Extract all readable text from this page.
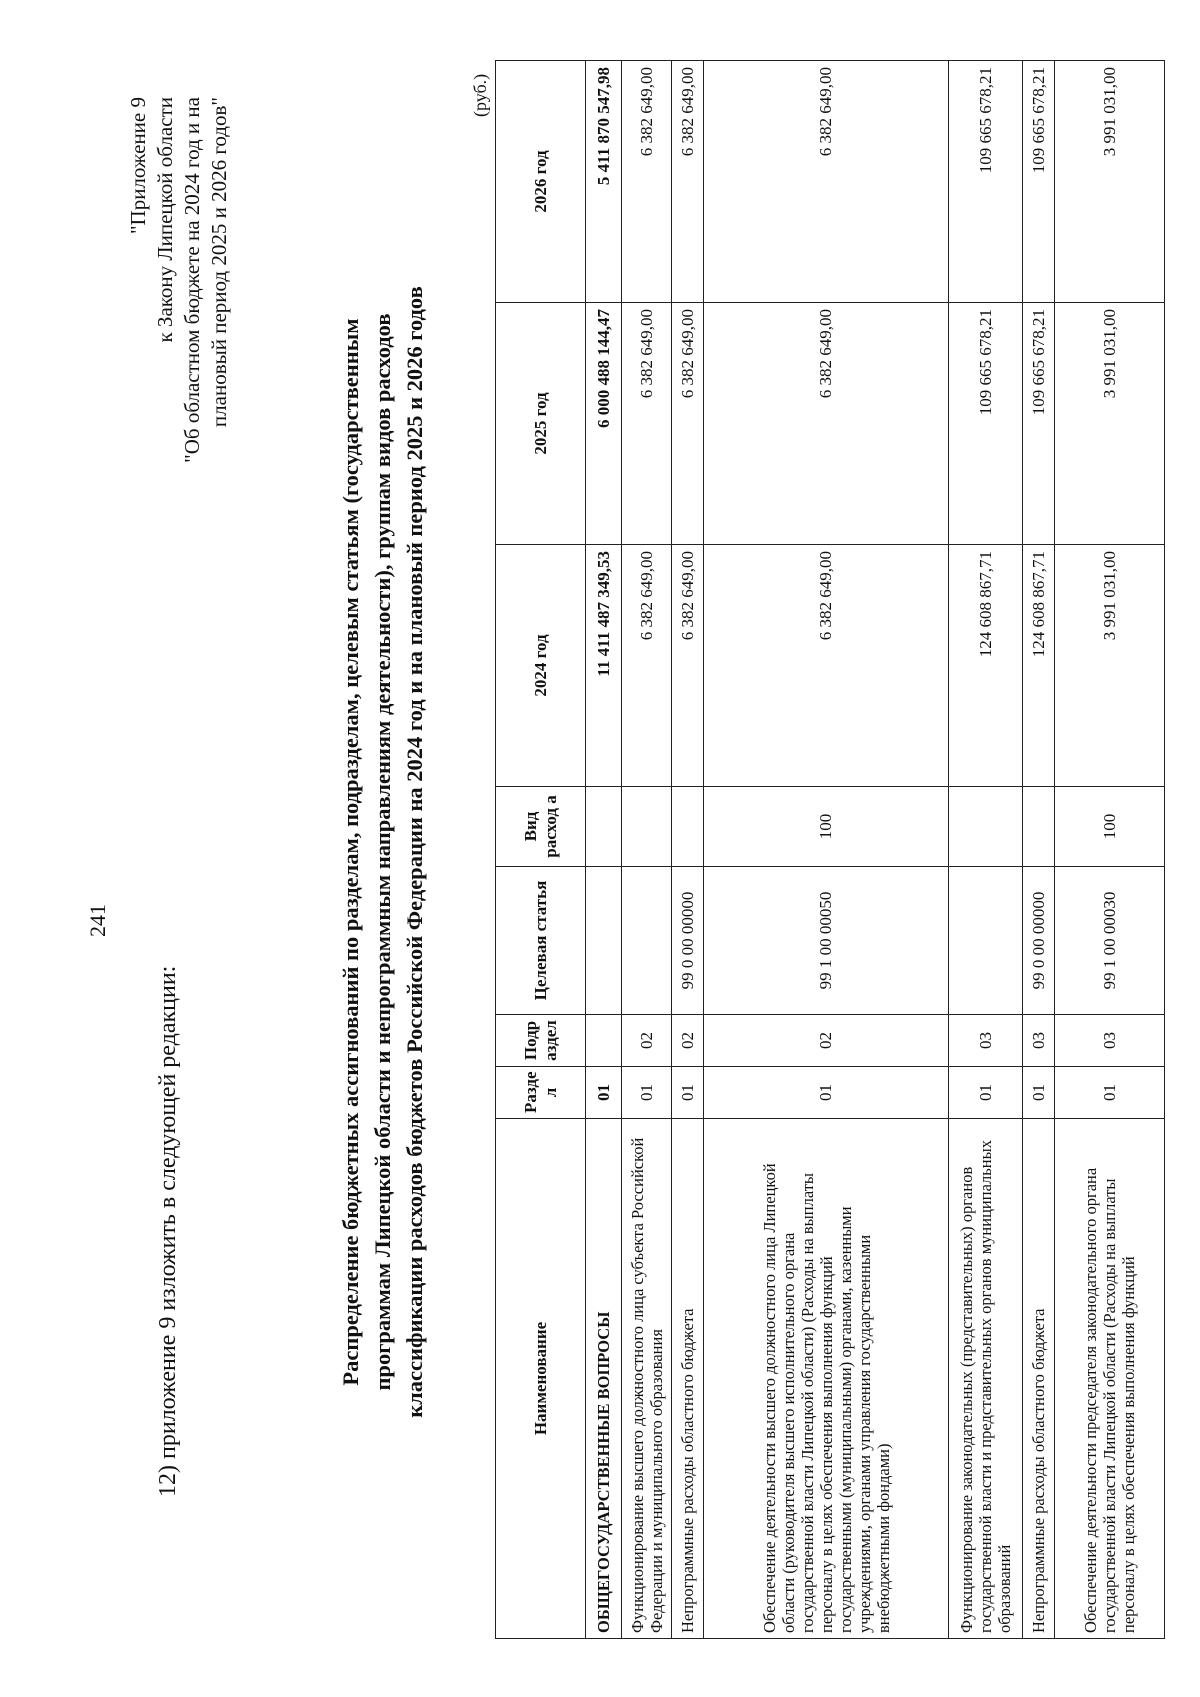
241
12) приложение 9 изложить в следующей редакции:
"Приложение 9 к Закону Липецкой области "Об областном бюджете на 2024 год и на плановый период 2025 и 2026 годов"
Распределение бюджетных ассигнований по разделам, подразделам, целевым статьям (государственным программам Липецкой области и непрограммным направлениям деятельности), группам видов расходов классификации расходов бюджетов Российской Федерации на 2024 год и на плановый период 2025 и 2026 годов
(руб.)
Наименование	Разде л	Подр аздел	Целевая статья	Вид расход а	2024 год	2025 год	2026 год
ОБЩЕГОСУДАРСТВЕННЫЕ ВОПРОСЫ	01				11 411 487 349,53	6 000 488 144,47	5 411 870 547,98
Функционирование высшего должностного лица субъекта Российской Федерации и муниципального образования	01	02			6 382 649,00	6 382 649,00	6 382 649,00
Непрограммные расходы областного бюджета	01	02	99 0 00 00000		6 382 649,00	6 382 649,00	6 382 649,00
Обеспечение деятельности высшего должностного лица Липецкой области (руководителя высшего исполнительного органа государственной власти Липецкой области) (Расходы на выплаты персоналу в целях обеспечения выполнения функций государственными (муниципальными) органами, казенными учреждениями, органами управления государственными внебюджетными фондами)	01	02	99 1 00 00050	100	6 382 649,00	6 382 649,00	6 382 649,00
Функционирование законодательных (представительных) органов государственной власти и представительных органов муниципальных образований	01	03			124 608 867,71	109 665 678,21	109 665 678,21
Непрограммные расходы областного бюджета	01	03	99 0 00 00000		124 608 867,71	109 665 678,21	109 665 678,21
Обеспечение деятельности председателя законодательного органа государственной власти Липецкой области (Расходы на выплаты персоналу в целях обеспечения выполнения функций	01	03	99 1 00 00030	100	3 991 031,00	3 991 031,00	3 991 031,00
